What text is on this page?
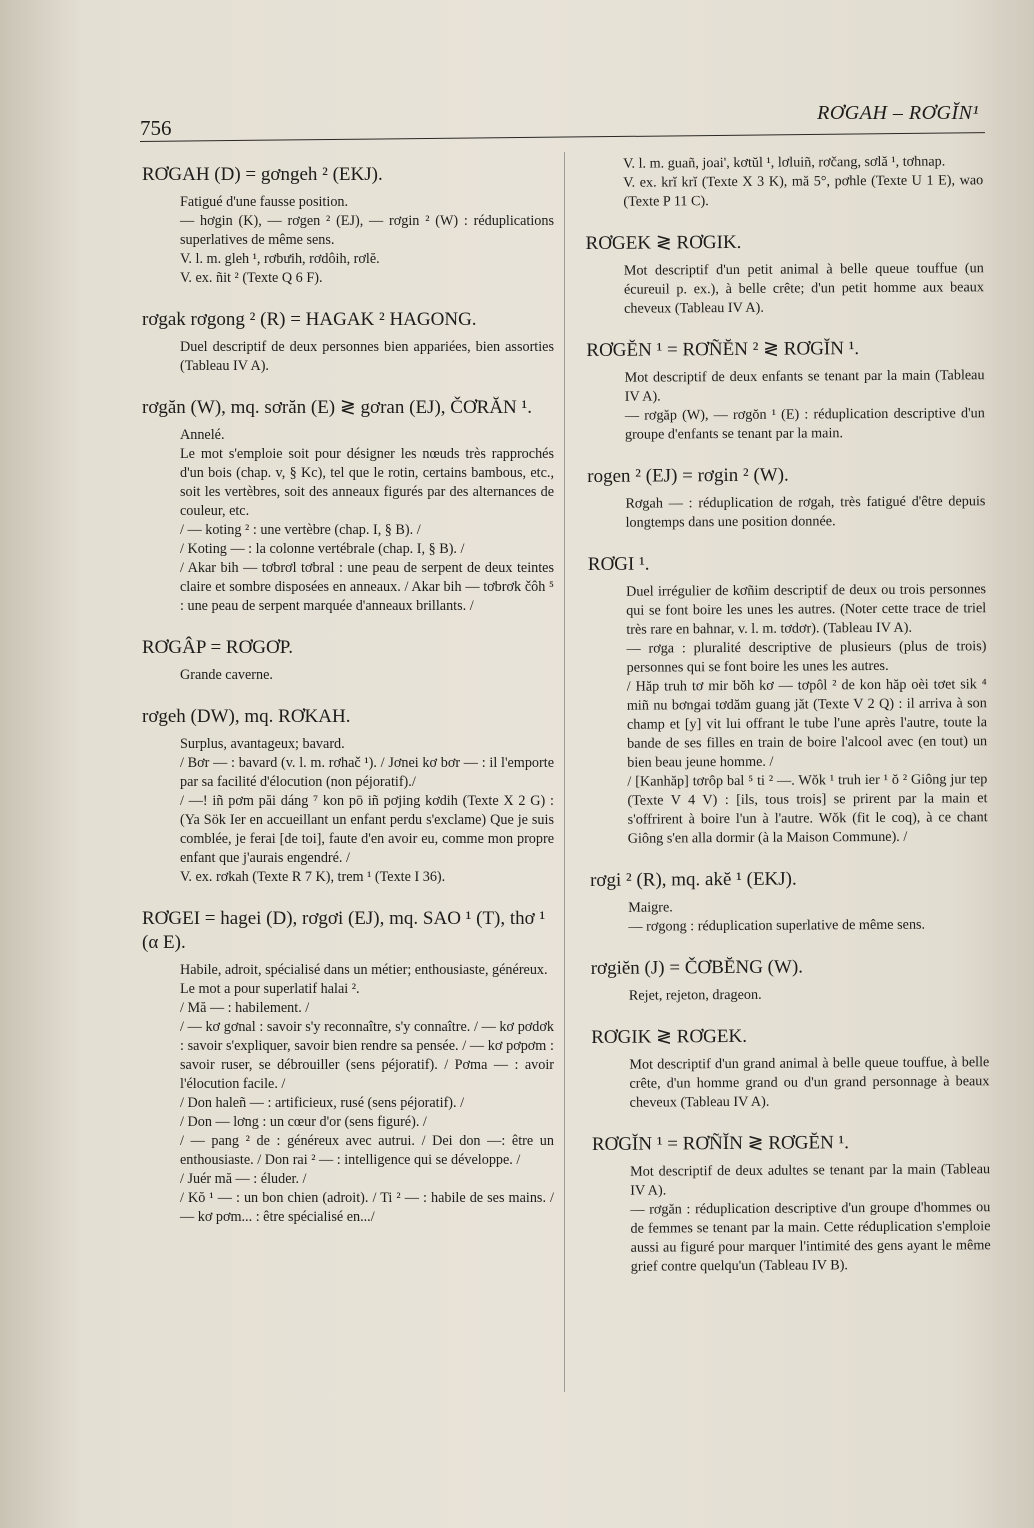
756
RƠGAH – RƠGĬN¹
RƠGAH (D) = gơngeh ² (EKJ).

Fatigué d'une fausse position.

— hơgin (K), — rơgen ² (EJ), — rơgin ² (W) : réduplications superlatives de même sens.

V. l. m. gleh ¹, rơbưih, rơdôih, rơlĕ.

V. ex. ñit ² (Texte Q 6 F).

rơgak rơgong ² (R) = HAGAK ² HAGONG.

Duel descriptif de deux personnes bien appariées, bien assorties (Tableau IV A).

rơgăn (W), mq. sơrăn (E) ≷ gơran (EJ), ČƠRĂN ¹.

Annelé.

Le mot s'emploie soit pour désigner les nœuds très rapprochés d'un bois (chap. v, § Kc), tel que le rotin, certains bambous, etc., soit les vertèbres, soit des anneaux figurés par des alternances de couleur, etc.

/ — koting ² : une vertèbre (chap. I, § B). /

/ Koting — : la colonne vertébrale (chap. I, § B). /

/ Akar bih — tơbrơl tơbral : une peau de serpent de deux teintes claire et sombre disposées en anneaux. / Akar bih — tơbrơk čôh ⁵ : une peau de serpent marquée d'anneaux brillants. /

RƠGÂP = RƠGƠP.

Grande caverne.

rơgeh (DW), mq. RƠKAH.

Surplus, avantageux; bavard.

/ Bơr — : bavard (v. l. m. rơhač ¹). / Jơnei kơ bơr — : il l'emporte par sa facilité d'élocution (non péjoratif)./

/ —! iñ pơm păi dáng ⁷ kon pō iñ pơjing kơdih (Texte X 2 G) : (Ya Sök Ier en accueillant un enfant perdu s'exclame) Que je suis comblée, je ferai [de toi], faute d'en avoir eu, comme mon propre enfant que j'aurais engendré. /

V. ex. rơkah (Texte R 7 K), trem ¹ (Texte I 36).

RƠGEI = hagei (D), rơgơi (EJ), mq. SAO ¹ (T), thơ ¹ (α E).

Habile, adroit, spécialisé dans un métier; enthousiaste, généreux.

Le mot a pour superlatif halai ².

/ Mă — : habilement. /

/ — kơ gơnal : savoir s'y reconnaître, s'y connaître. / — kơ pơdơk : savoir s'expliquer, savoir bien rendre sa pensée. / — kơ pơpơm : savoir ruser, se débrouiller (sens péjoratif). / Pơma — : avoir l'élocution facile. /

/ Don haleñ — : artificieux, rusé (sens péjoratif). /

/ Don — lơng : un cœur d'or (sens figuré). /

/ — pang ² de : généreux avec autrui. / Dei don —: être un enthousiaste. / Don rai ² — : intelligence qui se développe. /

/ Juér mă — : éluder. /

/ Kŏ ¹ — : un bon chien (adroit). / Ti ² — : habile de ses mains. / — kơ pơm... : être spécialisé en.../

V. l. m. guañ, joai', kơtŭl ¹, lơluiñ, rơčang, sơlă ¹, tơhnap.

V. ex. krĭ krĭ (Texte X 3 K), mă 5°, pơhle (Texte U 1 E), wao (Texte P 11 C).

RƠGEK ≷ RƠGIK.

Mot descriptif d'un petit animal à belle queue touffue (un écureuil p. ex.), à belle crête; d'un petit homme aux beaux cheveux (Tableau IV A).

RƠGĔN ¹ = RƠÑĔN ² ≷ RƠGĬN ¹.

Mot descriptif de deux enfants se tenant par la main (Tableau IV A).

— rơgăp (W), — rơgŏn ¹ (E) : réduplication descriptive d'un groupe d'enfants se tenant par la main.

rogen ² (EJ) = rơgin ² (W).

Rơgah — : réduplication de rơgah, très fatigué d'être depuis longtemps dans une position donnée.

RƠGI ¹.

Duel irrégulier de kơñim descriptif de deux ou trois personnes qui se font boire les unes les autres. (Noter cette trace de triel très rare en bahnar, v. l. m. tơdơr). (Tableau IV A).

— rơga : pluralité descriptive de plusieurs (plus de trois) personnes qui se font boire les unes les autres.

/ Hăp truh tơ mir bŏh kơ — tơpôl ² de kon hăp oèi tơet sik ⁴ miñ nu bơngai tơdăm guang jăt (Texte V 2 Q) : il arriva à son champ et [y] vit lui offrant le tube l'une après l'autre, toute la bande de ses filles en train de boire l'alcool avec (en tout) un bien beau jeune homme. /

/ [Kanhăp] tơrôp bal ⁵ ti ² —. Wŏk ¹ truh ier ¹ ŏ ² Giông jur tep (Texte V 4 V) : [ils, tous trois] se prirent par la main et s'offrirent à boire l'un à l'autre. Wŏk (fit le coq), à ce chant Giông s'en alla dormir (à la Maison Commune). /

rơgi ² (R), mq. akĕ ¹ (EKJ).

Maigre.

— rơgong : réduplication superlative de même sens.

rơgiĕn (J) = ČƠBĔNG (W).

Rejet, rejeton, drageon.

RƠGIK ≷ RƠGEK.

Mot descriptif d'un grand animal à belle queue touffue, à belle crête, d'un homme grand ou d'un grand personnage à beaux cheveux (Tableau IV A).

RƠGĬN ¹ = RƠÑĬN ≷ RƠGĔN ¹.

Mot descriptif de deux adultes se tenant par la main (Tableau IV A).

— rơgăn : réduplication descriptive d'un groupe d'hommes ou de femmes se tenant par la main. Cette réduplication s'emploie aussi au figuré pour marquer l'intimité des gens ayant le même grief contre quelqu'un (Tableau IV B).
